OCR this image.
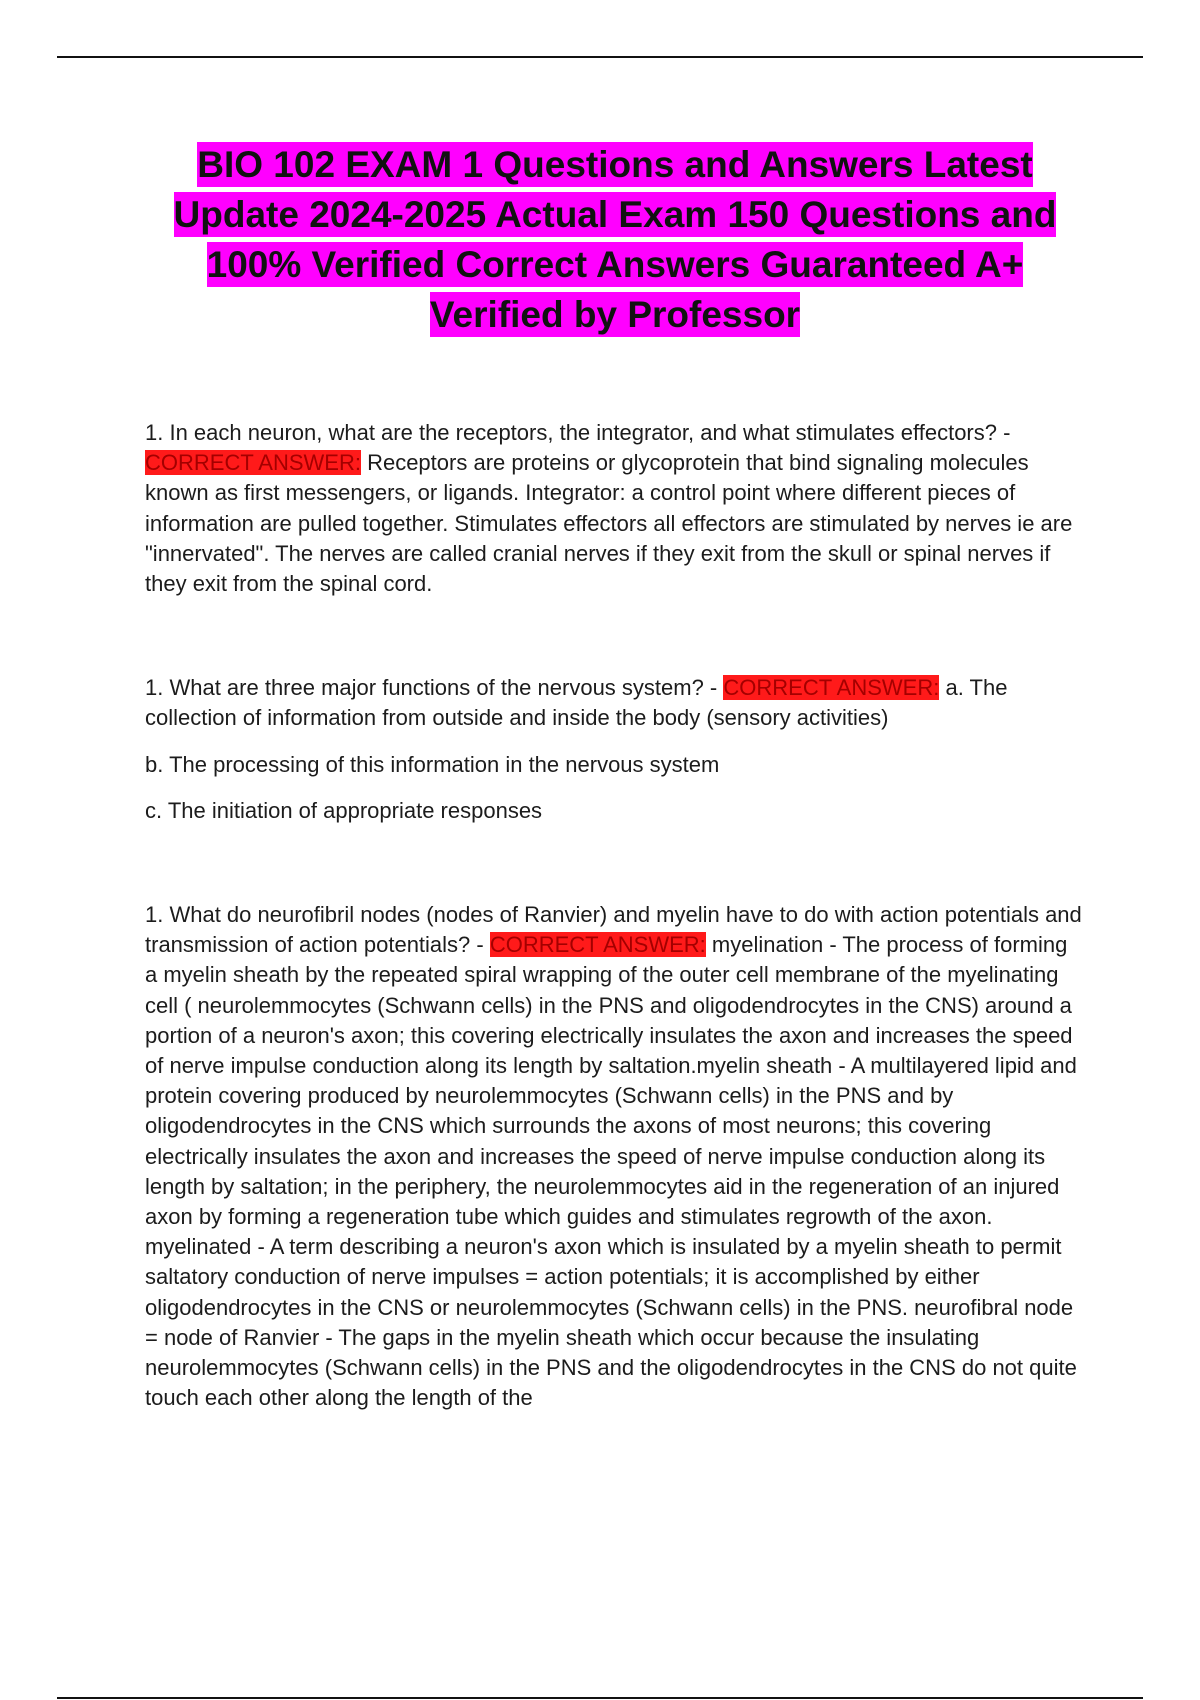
BIO 102 EXAM 1 Questions and Answers Latest Update 2024-2025 Actual Exam 150 Questions and 100% Verified Correct Answers Guaranteed A+ Verified by Professor

1. In each neuron, what are the receptors, the integrator, and what stimulates effectors? - CORRECT ANSWER: Receptors are proteins or glycoprotein that bind signaling molecules known as first messengers, or ligands. Integrator: a control point where different pieces of information are pulled together. Stimulates effectors all effectors are stimulated by nerves ie are "innervated". The nerves are called cranial nerves if they exit from the skull or spinal nerves if they exit from the spinal cord.

1. What are three major functions of the nervous system? - CORRECT ANSWER: a. The collection of information from outside and inside the body (sensory activities)

b. The processing of this information in the nervous system

c. The initiation of appropriate responses

1. What do neurofibril nodes (nodes of Ranvier) and myelin have to do with action potentials and transmission of action potentials? - CORRECT ANSWER: myelination - The process of forming a myelin sheath by the repeated spiral wrapping of the outer cell membrane of the myelinating cell ( neurolemmocytes (Schwann cells) in the PNS and oligodendrocytes in the CNS) around a portion of a neuron's axon; this covering electrically insulates the axon and increases the speed of nerve impulse conduction along its length by saltation.myelin sheath - A multilayered lipid and protein covering produced by neurolemmocytes (Schwann cells) in the PNS and by oligodendrocytes in the CNS which surrounds the axons of most neurons; this covering electrically insulates the axon and increases the speed of nerve impulse conduction along its length by saltation; in the periphery, the neurolemmocytes aid in the regeneration of an injured axon by forming a regeneration tube which guides and stimulates regrowth of the axon. myelinated - A term describing a neuron's axon which is insulated by a myelin sheath to permit saltatory conduction of nerve impulses = action potentials; it is accomplished by either oligodendrocytes in the CNS or neurolemmocytes (Schwann cells) in the PNS. neurofibral node = node of Ranvier - The gaps in the myelin sheath which occur because the insulating neurolemmocytes (Schwann cells) in the PNS and the oligodendrocytes in the CNS do not quite touch each other along the length of the
